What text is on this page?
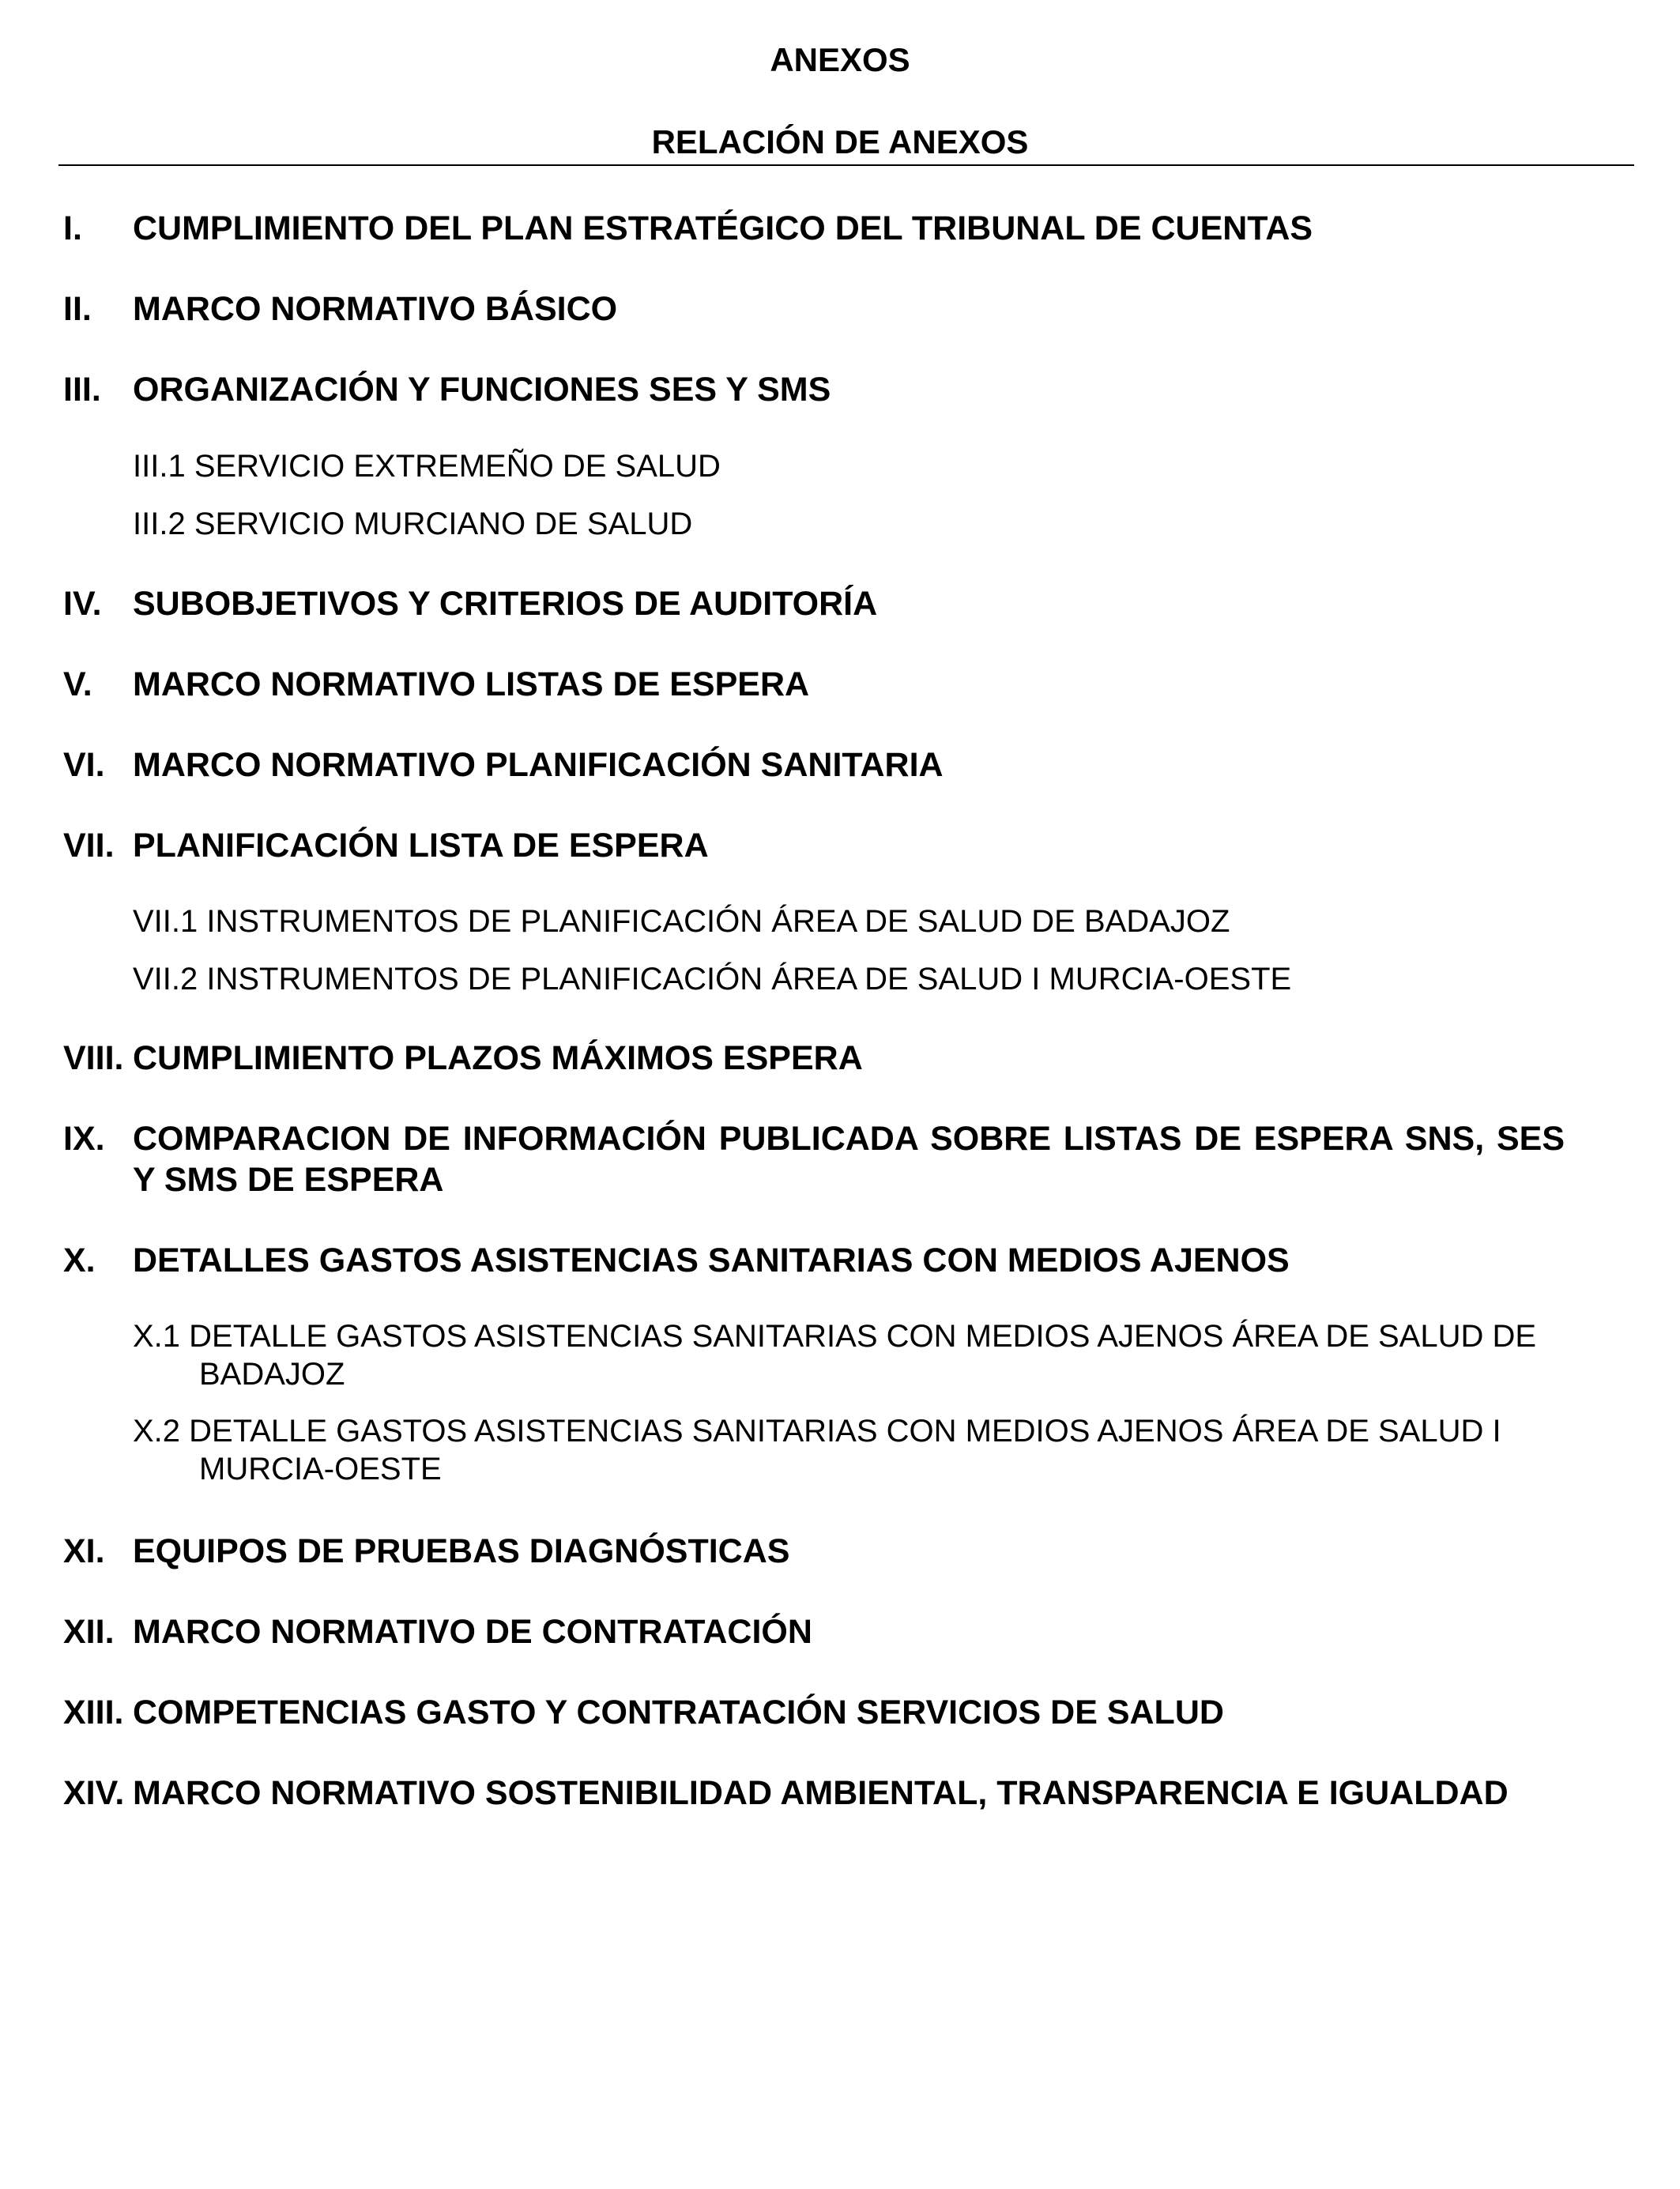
ANEXOS
RELACIÓN DE ANEXOS
I. CUMPLIMIENTO DEL PLAN ESTRATÉGICO DEL TRIBUNAL DE CUENTAS
II. MARCO NORMATIVO BÁSICO
III. ORGANIZACIÓN Y FUNCIONES SES Y SMS
III.1 SERVICIO EXTREMEÑO DE SALUD
III.2 SERVICIO MURCIANO DE SALUD
IV. SUBOBJETIVOS Y CRITERIOS DE AUDITORÍA
V. MARCO NORMATIVO LISTAS DE ESPERA
VI. MARCO NORMATIVO PLANIFICACIÓN SANITARIA
VII. PLANIFICACIÓN LISTA DE ESPERA
VII.1 INSTRUMENTOS DE PLANIFICACIÓN ÁREA DE SALUD DE BADAJOZ
VII.2 INSTRUMENTOS DE PLANIFICACIÓN ÁREA DE SALUD I MURCIA-OESTE
VIII. CUMPLIMIENTO PLAZOS MÁXIMOS ESPERA
IX. COMPARACION DE INFORMACIÓN PUBLICADA SOBRE LISTAS DE ESPERA SNS, SES Y SMS DE ESPERA
X. DETALLES GASTOS ASISTENCIAS SANITARIAS CON MEDIOS AJENOS
X.1 DETALLE GASTOS ASISTENCIAS SANITARIAS CON MEDIOS AJENOS ÁREA DE SALUD DE BADAJOZ
X.2 DETALLE GASTOS ASISTENCIAS SANITARIAS CON MEDIOS AJENOS ÁREA DE SALUD I MURCIA-OESTE
XI. EQUIPOS DE PRUEBAS DIAGNÓSTICAS
XII. MARCO NORMATIVO DE CONTRATACIÓN
XIII. COMPETENCIAS GASTO Y CONTRATACIÓN SERVICIOS DE SALUD
XIV. MARCO NORMATIVO SOSTENIBILIDAD AMBIENTAL, TRANSPARENCIA E IGUALDAD
